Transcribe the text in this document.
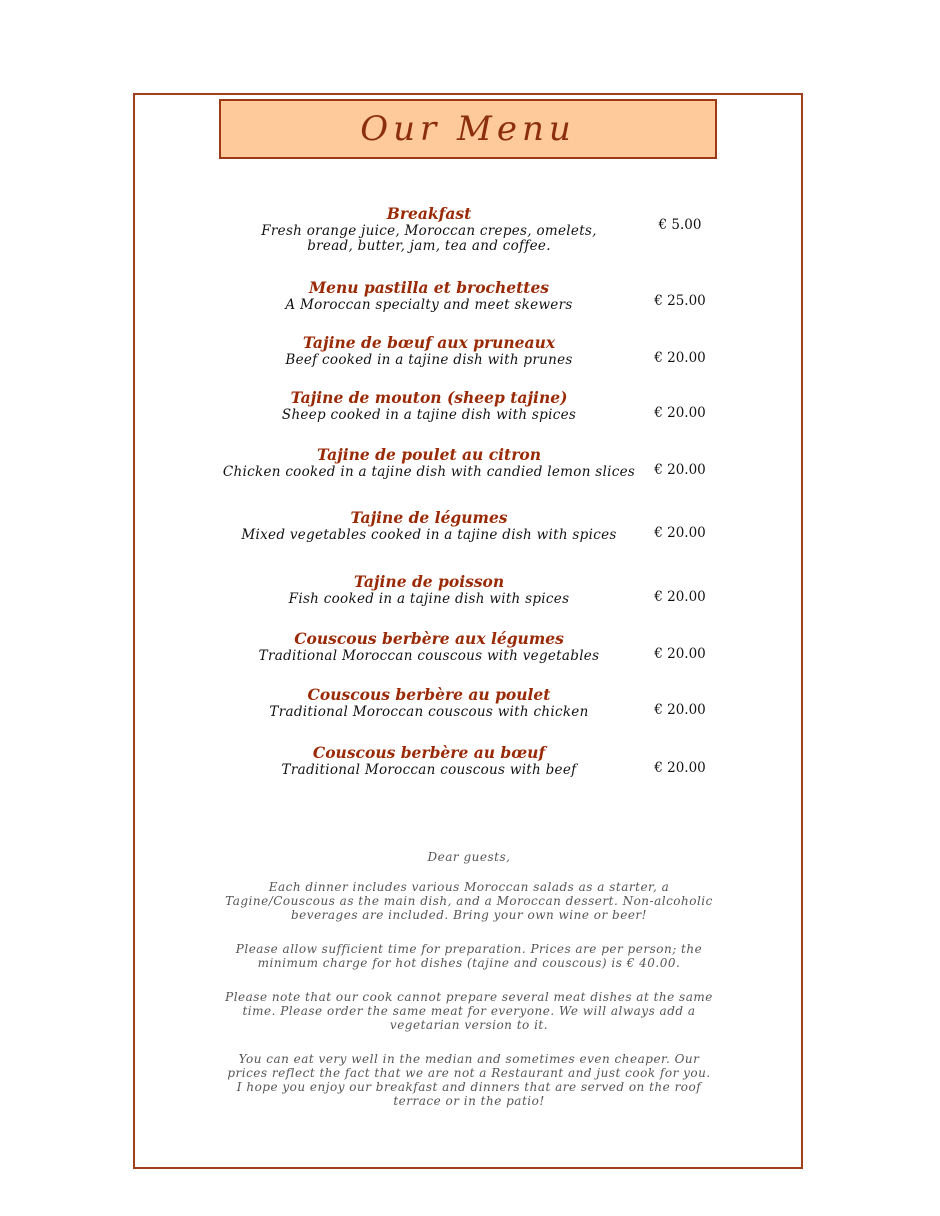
Our Menu
Breakfast
Fresh orange juice, Moroccan crepes, omelets, bread, butter, jam, tea and coffee.
€ 5.00
Menu pastilla et brochettes
A Moroccan specialty and meet skewers	€ 25.00
Tajine de bœuf aux pruneaux
Beef cooked in a tajine dish with prunes	€ 20.00
Tajine de mouton (sheep tajine)
Sheep cooked in a tajine dish with spices	€ 20.00
Tajine de poulet au citron
Chicken cooked in a tajine dish with candied lemon slices	€ 20.00
Tajine de légumes
Mixed vegetables cooked in a tajine dish with spices	€ 20.00
Tajine de poisson
Fish cooked in a tajine dish with spices	€ 20.00
Couscous berbère aux légumes
Traditional Moroccan couscous with vegetables	€ 20.00
Couscous berbère au poulet
Traditional Moroccan couscous with chicken	€ 20.00
Couscous berbère au bœuf
Traditional Moroccan couscous with beef	€ 20.00

Dear guests,

Each dinner includes various Moroccan salads as a starter, a Tagine/Couscous as the main dish, and a Moroccan dessert. Non-alcoholic beverages are included. Bring your own wine or beer!

Please allow sufficient time for preparation. Prices are per person; the minimum charge for hot dishes (tajine and couscous) is € 40.00.

Please note that our cook cannot prepare several meat dishes at the same time. Please order the same meat for everyone. We will always add a vegetarian version to it.

You can eat very well in the median and sometimes even cheaper. Our prices reflect the fact that we are not a Restaurant and just cook for you. I hope you enjoy our breakfast and dinners that are served on the roof terrace or in the patio!
